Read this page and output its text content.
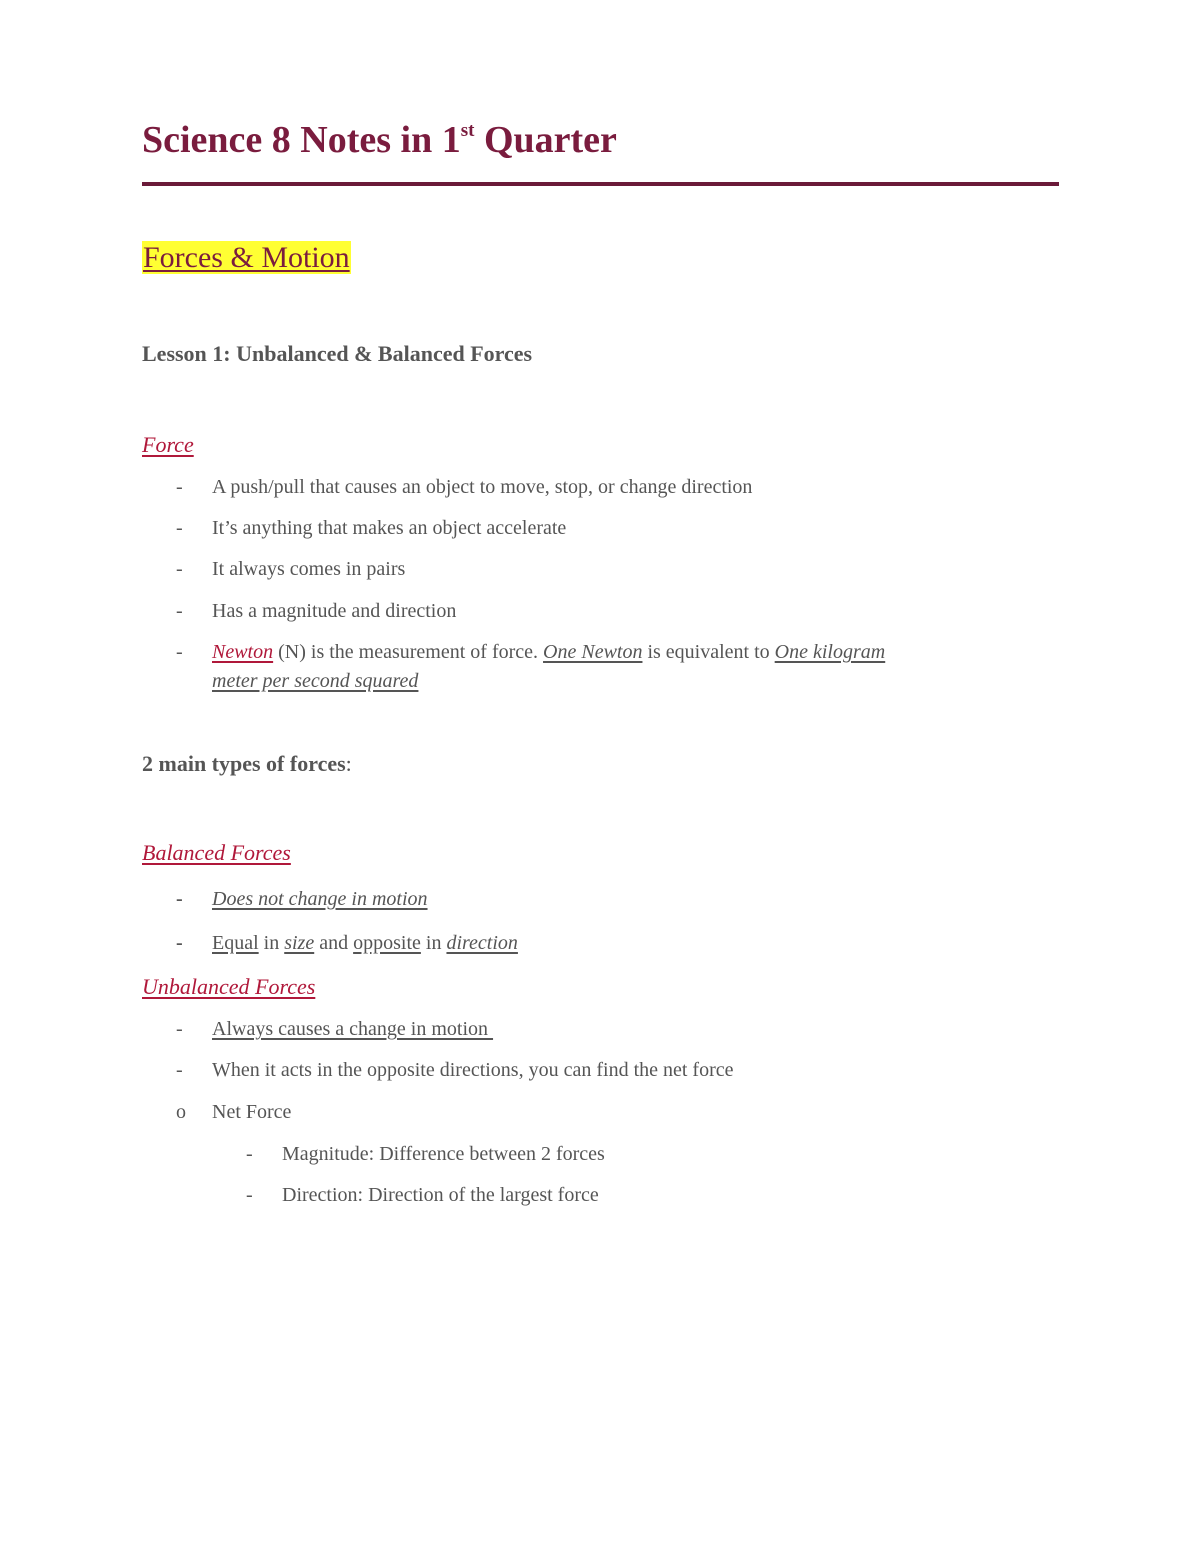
Science 8 Notes in 1st Quarter
Forces & Motion
Lesson 1: Unbalanced & Balanced Forces
Force
- A push/pull that causes an object to move, stop, or change direction
- It’s anything that makes an object accelerate
- It always comes in pairs
- Has a magnitude and direction
- Newton (N) is the measurement of force. One Newton is equivalent to One kilogram
meter per second squared
2 main types of forces:
Balanced Forces
- Does not change in motion
- Equal in size and opposite in direction
Unbalanced Forces
- Always causes a change in motion
- When it acts in the opposite directions, you can find the net force
o Net Force
- Magnitude: Difference between 2 forces
- Direction: Direction of the largest force
